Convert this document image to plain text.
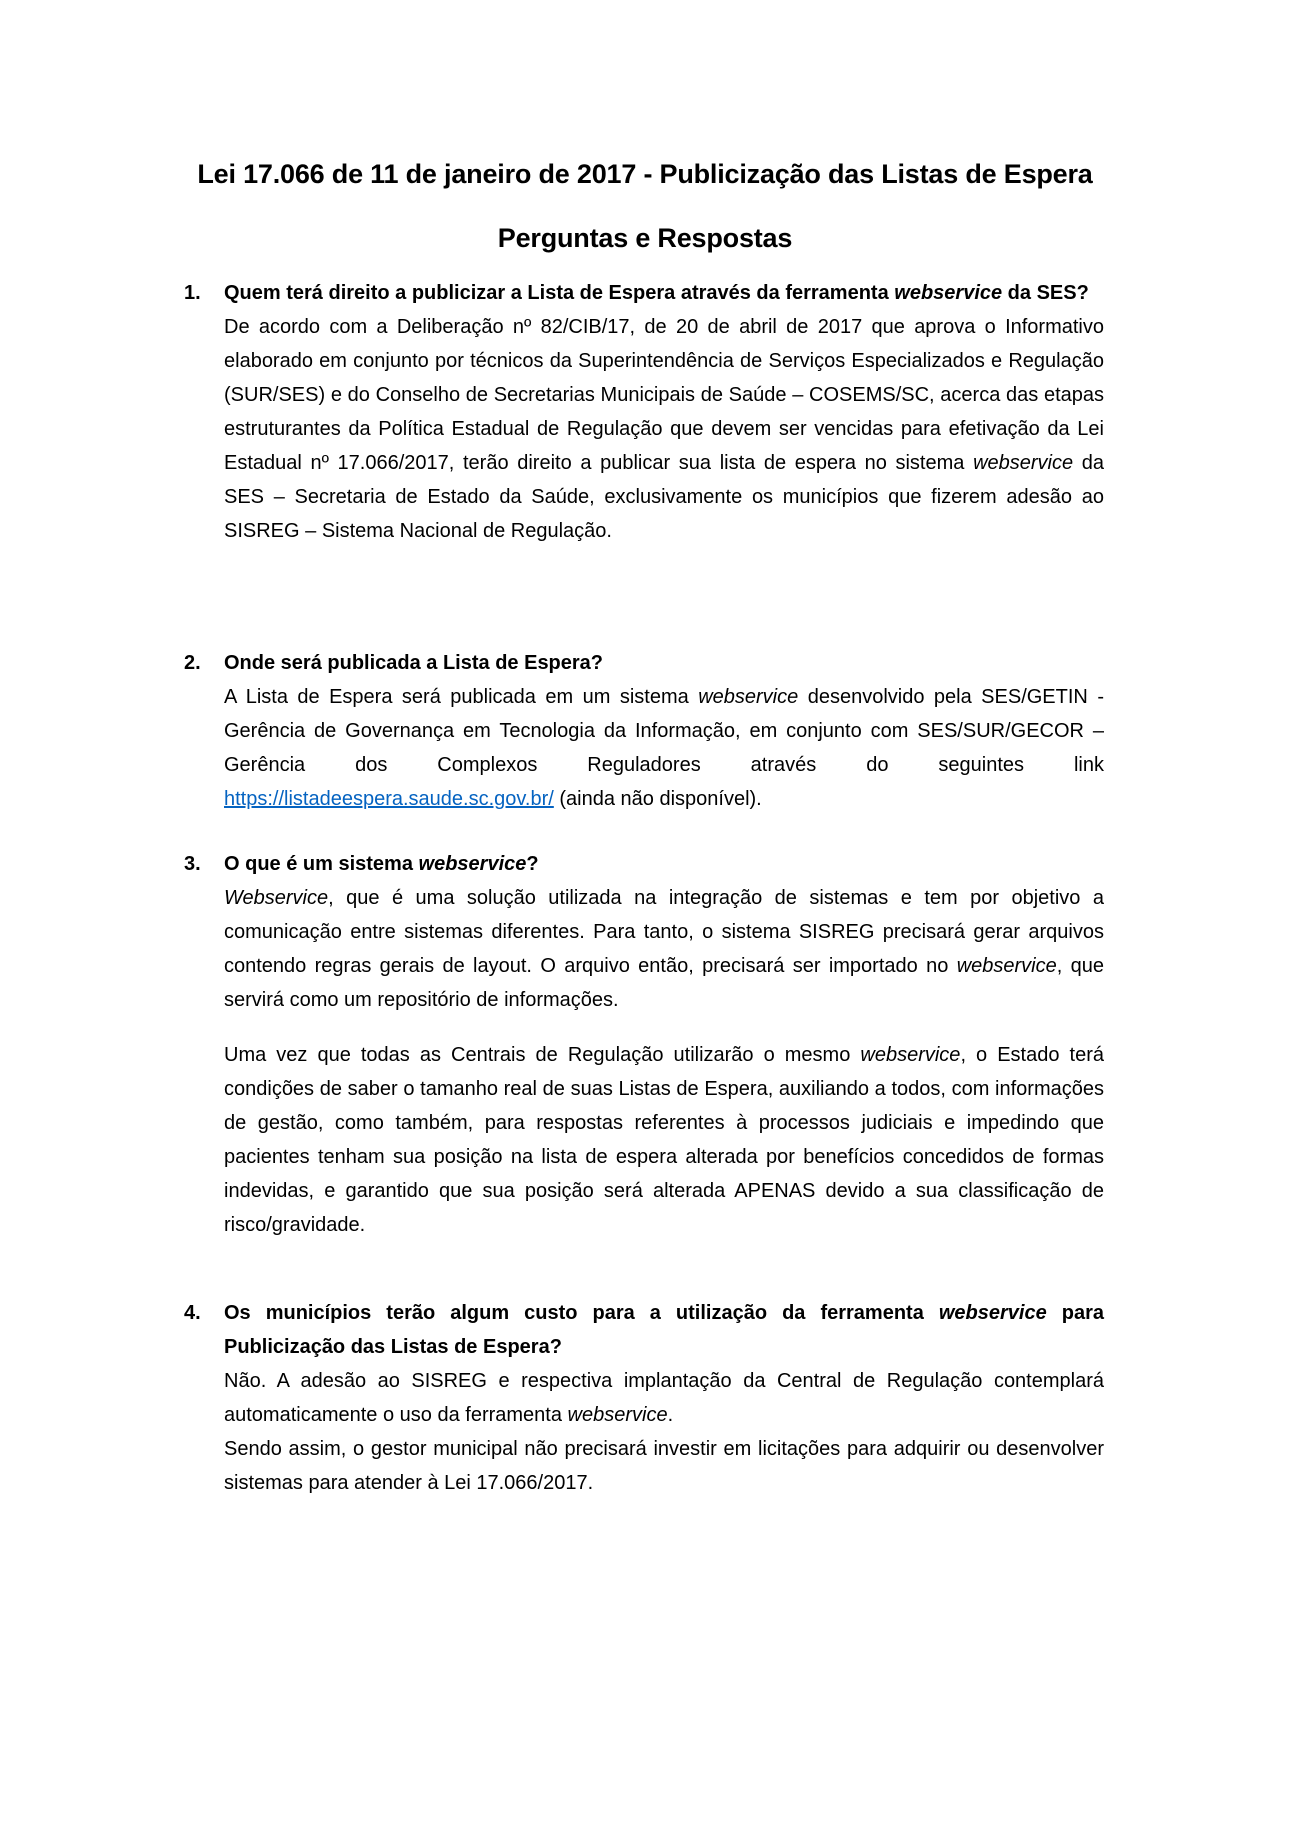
Lei 17.066 de 11 de janeiro de 2017 - Publicização das Listas de Espera
Perguntas e Respostas
1. Quem terá direito a publicizar a Lista de Espera através da ferramenta webservice da SES?

De acordo com a Deliberação nº 82/CIB/17, de 20 de abril de 2017 que aprova o Informativo elaborado em conjunto por técnicos da Superintendência de Serviços Especializados e Regulação (SUR/SES) e do Conselho de Secretarias Municipais de Saúde – COSEMS/SC, acerca das etapas estruturantes da Política Estadual de Regulação que devem ser vencidas para efetivação da Lei Estadual nº 17.066/2017, terão direito a publicar sua lista de espera no sistema webservice da SES – Secretaria de Estado da Saúde, exclusivamente os municípios que fizerem adesão ao SISREG – Sistema Nacional de Regulação.

2. Onde será publicada a Lista de Espera?

A Lista de Espera será publicada em um sistema webservice desenvolvido pela SES/GETIN - Gerência de Governança em Tecnologia da Informação, em conjunto com SES/SUR/GECOR – Gerência dos Complexos Reguladores através do seguintes link https://listadeespera.saude.sc.gov.br/ (ainda não disponível).

3. O que é um sistema webservice?

Webservice, que é uma solução utilizada na integração de sistemas e tem por objetivo a comunicação entre sistemas diferentes. Para tanto, o sistema SISREG precisará gerar arquivos contendo regras gerais de layout. O arquivo então, precisará ser importado no webservice, que servirá como um repositório de informações.

Uma vez que todas as Centrais de Regulação utilizarão o mesmo webservice, o Estado terá condições de saber o tamanho real de suas Listas de Espera, auxiliando a todos, com informações de gestão, como também, para respostas referentes à processos judiciais e impedindo que pacientes tenham sua posição na lista de espera alterada por benefícios concedidos de formas indevidas, e garantido que sua posição será alterada APENAS devido a sua classificação de risco/gravidade.

4. Os municípios terão algum custo para a utilização da ferramenta webservice para Publicização das Listas de Espera?

Não. A adesão ao SISREG e respectiva implantação da Central de Regulação contemplará automaticamente o uso da ferramenta webservice.

Sendo assim, o gestor municipal não precisará investir em licitações para adquirir ou desenvolver sistemas para atender à Lei 17.066/2017.
